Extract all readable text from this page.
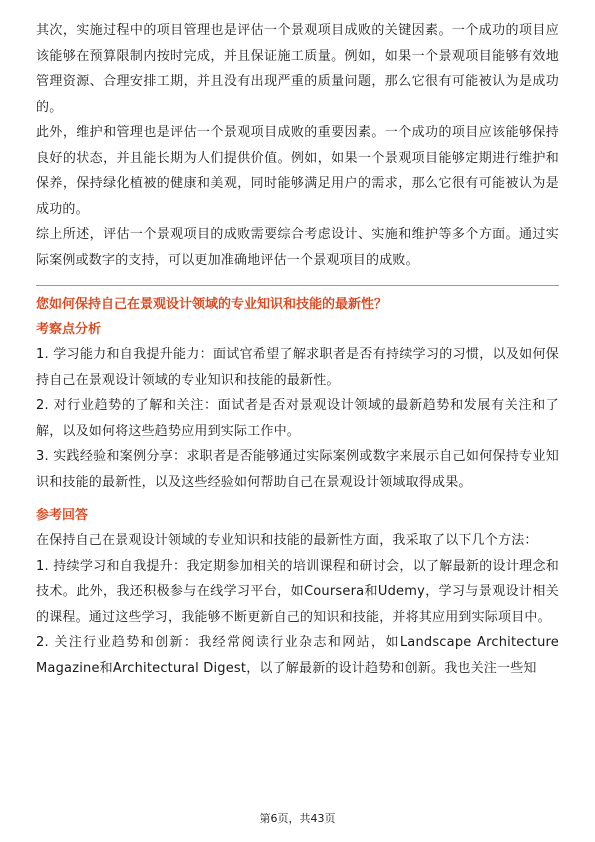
其次，实施过程中的项目管理也是评估一个景观项目成败的关键因素。一个成功的项目应该能够在预算限制内按时完成，并且保证施工质量。例如，如果一个景观项目能够有效地管理资源、合理安排工期，并且没有出现严重的质量问题，那么它很有可能被认为是成功的。

此外，维护和管理也是评估一个景观项目成败的重要因素。一个成功的项目应该能够保持良好的状态，并且能长期为人们提供价值。例如，如果一个景观项目能够定期进行维护和保养，保持绿化植被的健康和美观，同时能够满足用户的需求，那么它很有可能被认为是成功的。

综上所述，评估一个景观项目的成败需要综合考虑设计、实施和维护等多个方面。通过实际案例或数字的支持，可以更加准确地评估一个景观项目的成败。

您如何保持自己在景观设计领域的专业知识和技能的最新性？

考察点分析

1. 学习能力和自我提升能力：面试官希望了解求职者是否有持续学习的习惯，以及如何保持自己在景观设计领域的专业知识和技能的最新性。

2. 对行业趋势的了解和关注：面试者是否对景观设计领域的最新趋势和发展有关注和了解，以及如何将这些趋势应用到实际工作中。

3. 实践经验和案例分享：求职者是否能够通过实际案例或数字来展示自己如何保持专业知识和技能的最新性，以及这些经验如何帮助自己在景观设计领域取得成果。

参考回答

在保持自己在景观设计领域的专业知识和技能的最新性方面，我采取了以下几个方法：

1. 持续学习和自我提升：我定期参加相关的培训课程和研讨会，以了解最新的设计理念和技术。此外，我还积极参与在线学习平台，如Coursera和Udemy，学习与景观设计相关的课程。通过这些学习，我能够不断更新自己的知识和技能，并将其应用到实际项目中。

2. 关注行业趋势和创新：我经常阅读行业杂志和网站，如Landscape Architecture Magazine和Architectural Digest，以了解最新的设计趋势和创新。我也关注一些知

第6页，共43页
